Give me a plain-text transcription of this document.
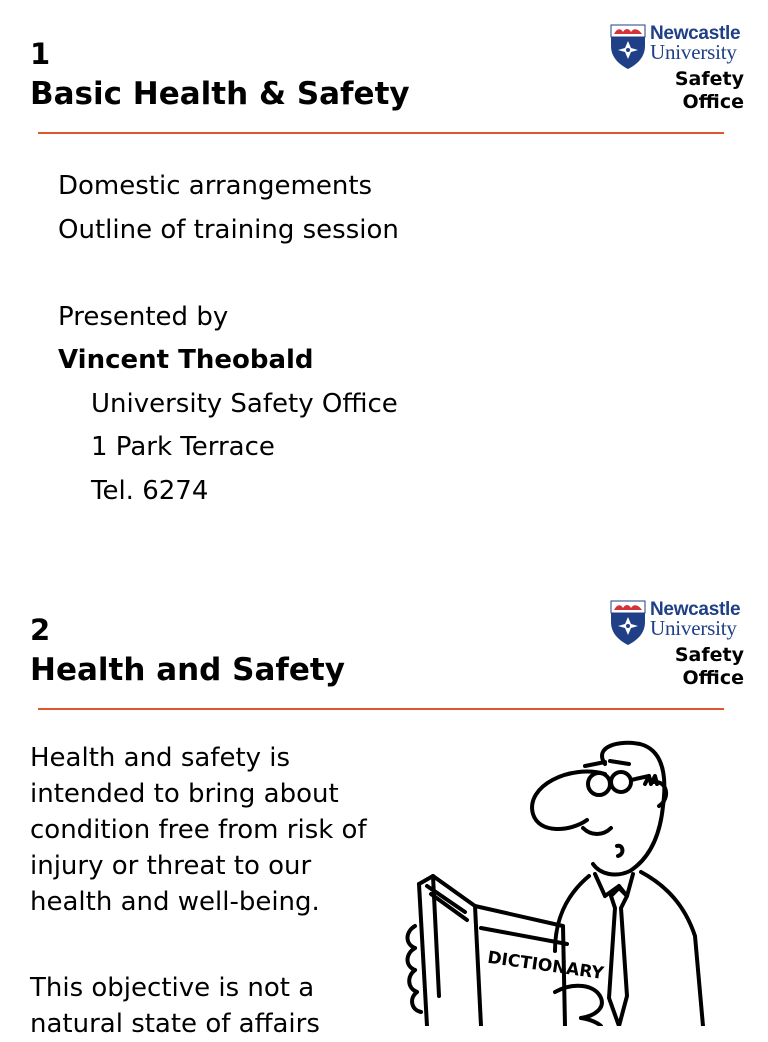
1
Basic Health & Safety
Newcastle
University
Safety
Office
Domestic arrangements
Outline of training session
Presented by
Vincent Theobald
University Safety Office
1 Park Terrace
Tel. 6274
2
Health and Safety
Newcastle
University
Safety
Office
Health and safety is intended to bring about condition free from risk of injury or threat to our health and well-being.
This objective is not a natural state of affairs
DICTIONARY
